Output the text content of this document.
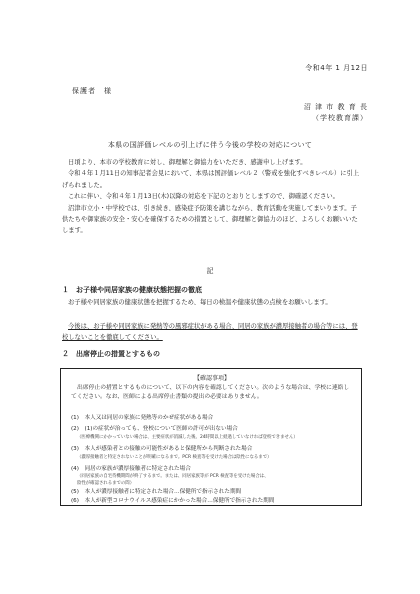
令和4年 1 月12日
保護者　様
沼 津 市 教 育 長
（学校教育課）
本県の国評価レベルの引上げに伴う今後の学校の対応について

日頃より、本市の学校教育に対し、御理解と御協力をいただき、感謝申し上げます。

令和４年１月11日の知事記者会見において、本県は国評価レベル２（警戒を強化すべきレベル）に引上げられました。

これに伴い、令和４年１月13日(木)以降の対応を下記のとおりとしますので、御確認ください。

沼津市立小・中学校では、引き続き、感染症予防策を講じながら、教育活動を実施してまいります。子供たちや御家族の安全・安心を確保するための措置として、御理解と御協力のほど、よろしくお願いいたします。

記
１　お子様や同居家族の健康状態把握の徹底
お子様や同居家族の健康状態を把握するため、毎日の検温や健康状態の点検をお願いします。
今後は、お子様や同居家族に発熱等の風邪症状がある場合、同居の家族が濃厚接触者の場合等には、登校しないことを徹底してください。
２　出席停止の措置とするもの
【確認事項】
出席停止の措置とするものについて、以下の内容を確認してください。次のような場合は、学校に連絡してください。なお、医師による出席停止書類の提出の必要はありません。
(1)　本人又は同居の家族に発熱等のかぜ症状がある場合
(2)　(1)の症状が治っても、登校について医師の許可が出ない場合
（医療機関にかかっていない場合は、主要症状が消滅した後、24時間以上経過していなければ登校できません）
(3)　本人が感染者との接触の可能性があると保健所から判断された場合
（濃厚接触者と特定されないことが明確になるまで。PCR 検査等を受けた場合は陰性になるまで）
(4)　同居の家族が濃厚接触者に特定された場合
（同居家族の自宅待機期間が終了するまで。または、同居家族等が PCR 検査等を受けた場合は、
陰性が確認されるまでの間）
(5)　本人が濃厚接触者に特定された場合…保健所で指示された期間
(6)　本人が新型コロナウイルス感染症にかかった場合…保健所で指示された期間
